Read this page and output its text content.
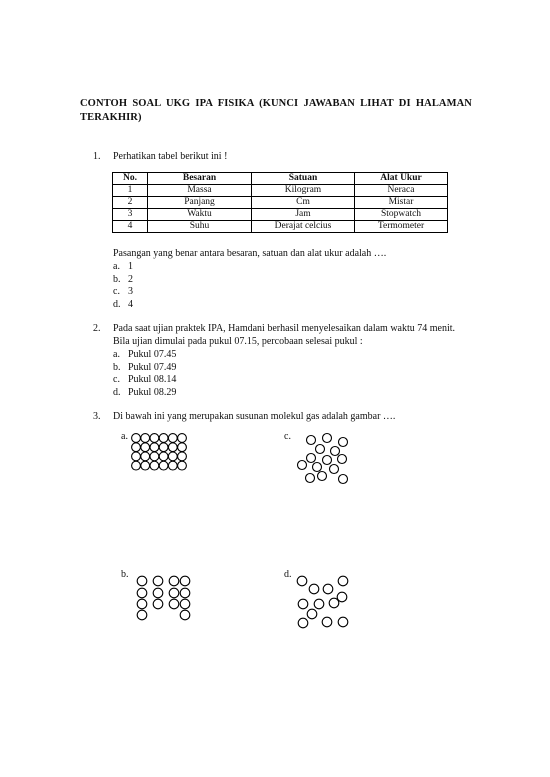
CONTOH SOAL UKG IPA FISIKA (KUNCI JAWABAN LIHAT DI HALAMAN TERAKHIR)
1. Perhatikan tabel berikut ini !
No.	Besaran	Satuan	Alat Ukur
1	Massa	Kilogram	Neraca
2	Panjang	Cm	Mistar
3	Waktu	Jam	Stopwatch
4	Suhu	Derajat celcius	Termometer
Pasangan yang benar antara besaran, satuan dan alat ukur adalah ….
a. 1
b. 2
c. 3
d. 4
2. Pada saat ujian praktek IPA, Hamdani berhasil menyelesaikan dalam waktu 74 menit. Bila ujian dimulai pada pukul 07.15, percobaan selesai pukul :
a. Pukul 07.45
b. Pukul 07.49
c. Pukul 08.14
d. Pukul 08.29
3. Di bawah ini yang merupakan susunan molekul gas adalah gambar ….
a.	c.
b.	d.
